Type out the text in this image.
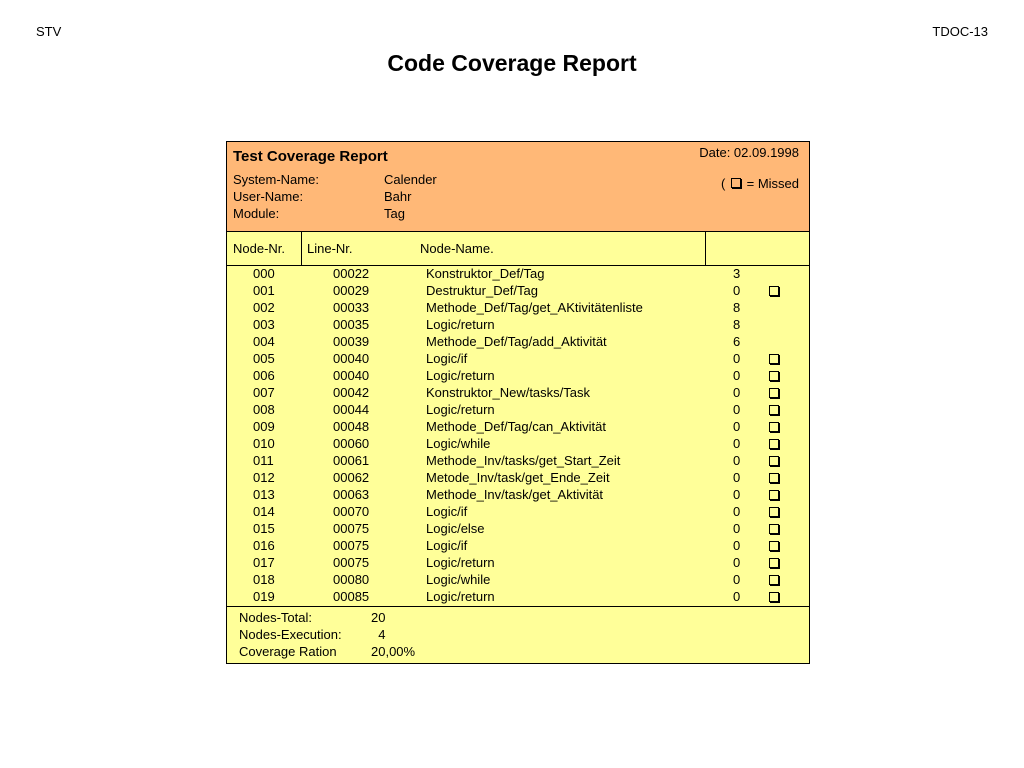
STV	TDOC-13
Code Coverage Report
Test Coverage Report	Date: 02.09.1998
( = Missed
System-Name:	Calender
User-Name:	Bahr
Module:	Tag
Node-Nr. Line-Nr.	Node-Name.
000	00022	Konstruktor_Def/Tag	3
001	00029	Destruktur_Def/Tag	0
002	00033	Methode_Def/Tag/get_AKtivitätenliste	8
003	00035	Logic/return	8
004	00039	Methode_Def/Tag/add_Aktivität	6
005	00040	Logic/if	0
006	00040	Logic/return	0
007	00042	Konstruktor_New/tasks/Task	0
008	00044	Logic/return	0
009	00048	Methode_Def/Tag/can_Aktivität	0
010	00060	Logic/while	0
011	00061	Methode_Inv/tasks/get_Start_Zeit	0
012	00062	Metode_Inv/task/get_Ende_Zeit	0
013	00063	Methode_Inv/task/get_Aktivität	0
014	00070	Logic/if	0
015	00075	Logic/else	0
016	00075	Logic/if	0
017	00075	Logic/return	0
018	00080	Logic/while	0
019	00085	Logic/return	0
Nodes-Total:	20
Nodes-Execution: 4
Coverage Ration	20,00%
